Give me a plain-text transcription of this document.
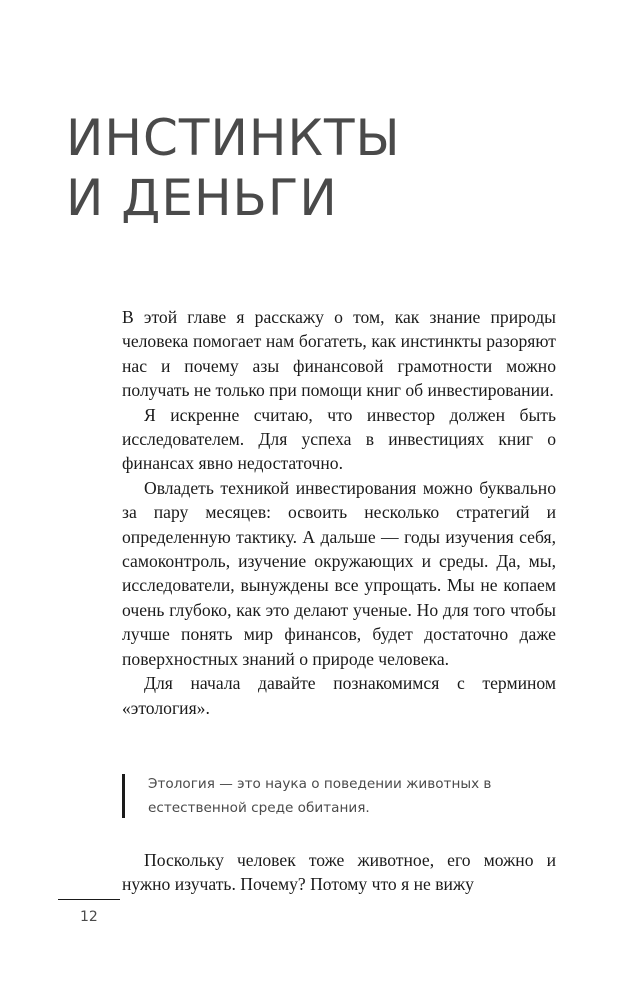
ИНСТИНКТЫ
И ДЕНЬГИ

В этой главе я расскажу о том, как знание природы человека помогает нам богатеть, как инстинкты разоряют нас и почему азы финансовой грамотности можно получать не только при помощи книг об инвестировании.

Я искренне считаю, что инвестор должен быть исследователем. Для успеха в инвестициях книг о финансах явно недостаточно.

Овладеть техникой инвестирования можно буквально за пару месяцев: освоить несколько стратегий и определенную тактику. А дальше — годы изучения себя, самоконтроль, изучение окружающих и среды. Да, мы, исследователи, вынуждены все упрощать. Мы не копаем очень глубоко, как это делают ученые. Но для того чтобы лучше понять мир финансов, будет достаточно даже поверхностных знаний о природе человека.

Для начала давайте познакомимся с термином «этология».

Этология — это наука о поведении животных в естественной среде обитания.

Поскольку человек тоже животное, его можно и нужно изучать. Почему? Потому что я не вижу

12
